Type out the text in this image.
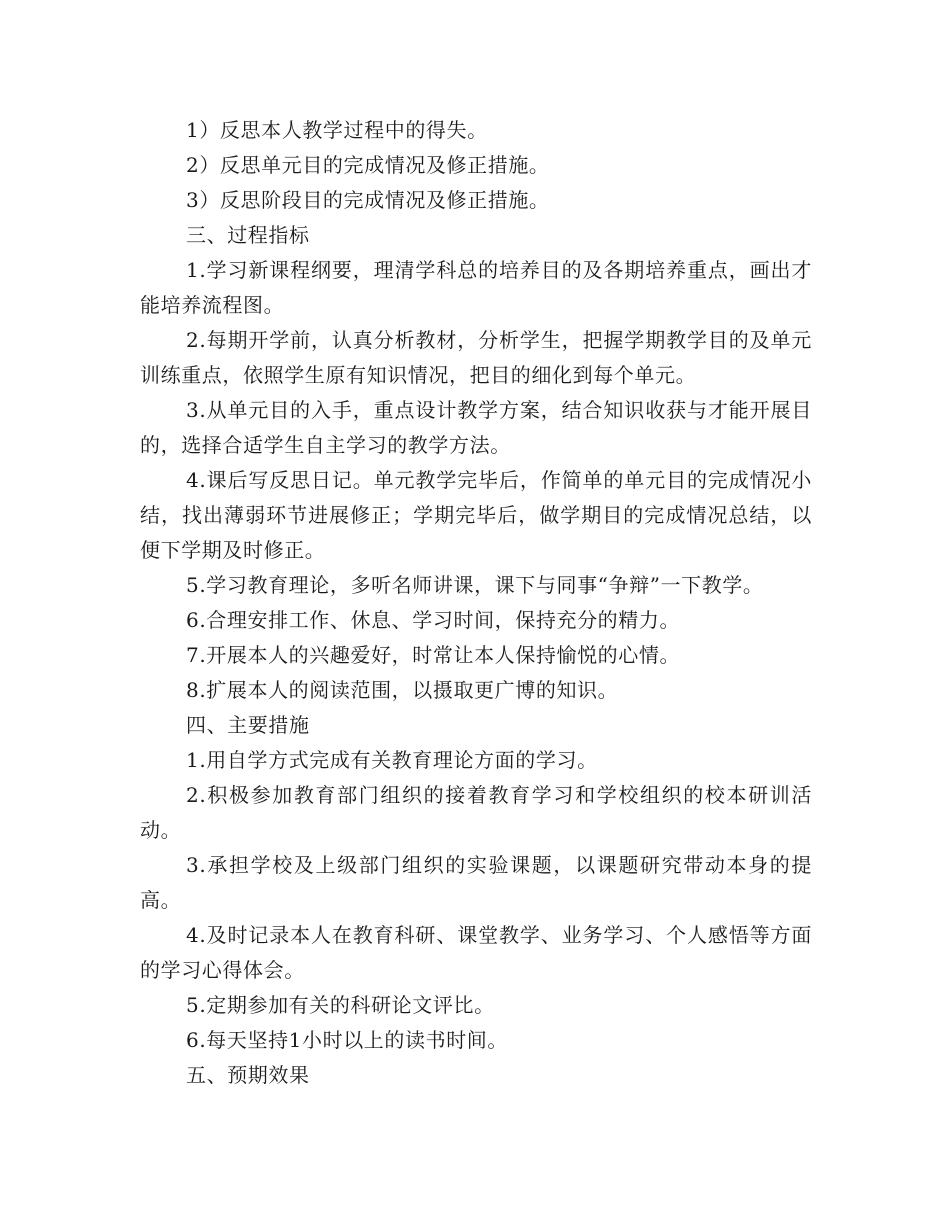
1）反思本人教学过程中的得失。

2）反思单元目的完成情况及修正措施。

3）反思阶段目的完成情况及修正措施。

三、过程指标

1.学习新课程纲要，理清学科总的培养目的及各期培养重点，画出才能培养流程图。

2.每期开学前，认真分析教材，分析学生，把握学期教学目的及单元训练重点，依照学生原有知识情况，把目的细化到每个单元。

3.从单元目的入手，重点设计教学方案，结合知识收获与才能开展目的，选择合适学生自主学习的教学方法。

4.课后写反思日记。单元教学完毕后，作简单的单元目的完成情况小结，找出薄弱环节进展修正；学期完毕后，做学期目的完成情况总结，以便下学期及时修正。

5.学习教育理论，多听名师讲课，课下与同事“争辩”一下教学。

6.合理安排工作、休息、学习时间，保持充分的精力。

7.开展本人的兴趣爱好，时常让本人保持愉悦的心情。

8.扩展本人的阅读范围，以摄取更广博的知识。

四、主要措施

1.用自学方式完成有关教育理论方面的学习。

2.积极参加教育部门组织的接着教育学习和学校组织的校本研训活动。

3.承担学校及上级部门组织的实验课题，以课题研究带动本身的提高。

4.及时记录本人在教育科研、课堂教学、业务学习、个人感悟等方面的学习心得体会。

5.定期参加有关的科研论文评比。

6.每天坚持1小时以上的读书时间。

五、预期效果
